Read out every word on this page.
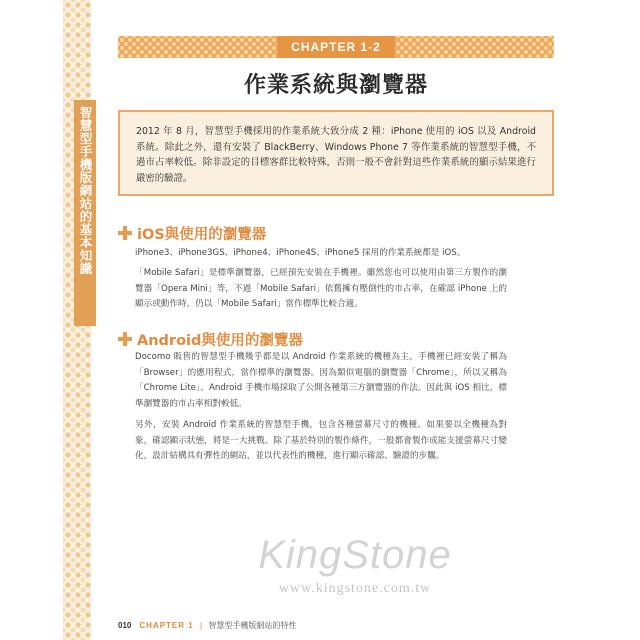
智慧型手機版網站的基本知識
CHAPTER 1-2
作業系統與瀏覽器
2012 年 8 月，智慧型手機採用的作業系統大致分成 2 種：iPhone 使用的 iOS 以及 Android 系統。除此之外，還有安裝了 BlackBerry、Windows Phone 7 等作業系統的智慧型手機，不過市占率較低。除非設定的目標客群比較特殊，否則一般不會針對這些作業系統的顯示結果進行嚴密的驗證。
iOS與使用的瀏覽器

iPhone3、iPhone3GS、iPhone4、iPhone4S、iPhone5 採用的作業系統都是 iOS。

「Mobile Safari」是標準瀏覽器，已經預先安裝在手機裡。雖然您也可以使用由第三方製作的瀏覽器「Opera Mini」等，不過「Mobile Safari」依舊擁有壓倒性的市占率，在確認 iPhone 上的顯示或動作時，仍以「Mobile Safari」當作標準比較合適。

Android與使用的瀏覽器

Docomo 販售的智慧型手機幾乎都是以 Android 作業系統的機種為主。手機裡已經安裝了稱為「Browser」的應用程式，當作標準的瀏覽器。因為類似電腦的瀏覽器「Chrome」，所以又稱為「Chrome Lite」。Android 手機市場採取了公開各種第三方瀏覽器的作法。因此與 iOS 相比，標準瀏覽器的市占率相對較低。

另外，安裝 Android 作業系統的智慧型手機，包含各種螢幕尺寸的機種。如果要以全機種為對象，確認顯示狀態，將是一大挑戰。除了基於特別的製作條件，一般都會製作成能支援螢幕尺寸變化，設計結構具有彈性的網站，並以代表性的機種，進行顯示確認、驗證的步驟。

KingStone
www.kingstone.com.tw
010 CHAPTER 1 | 智慧型手機版網站的特性
